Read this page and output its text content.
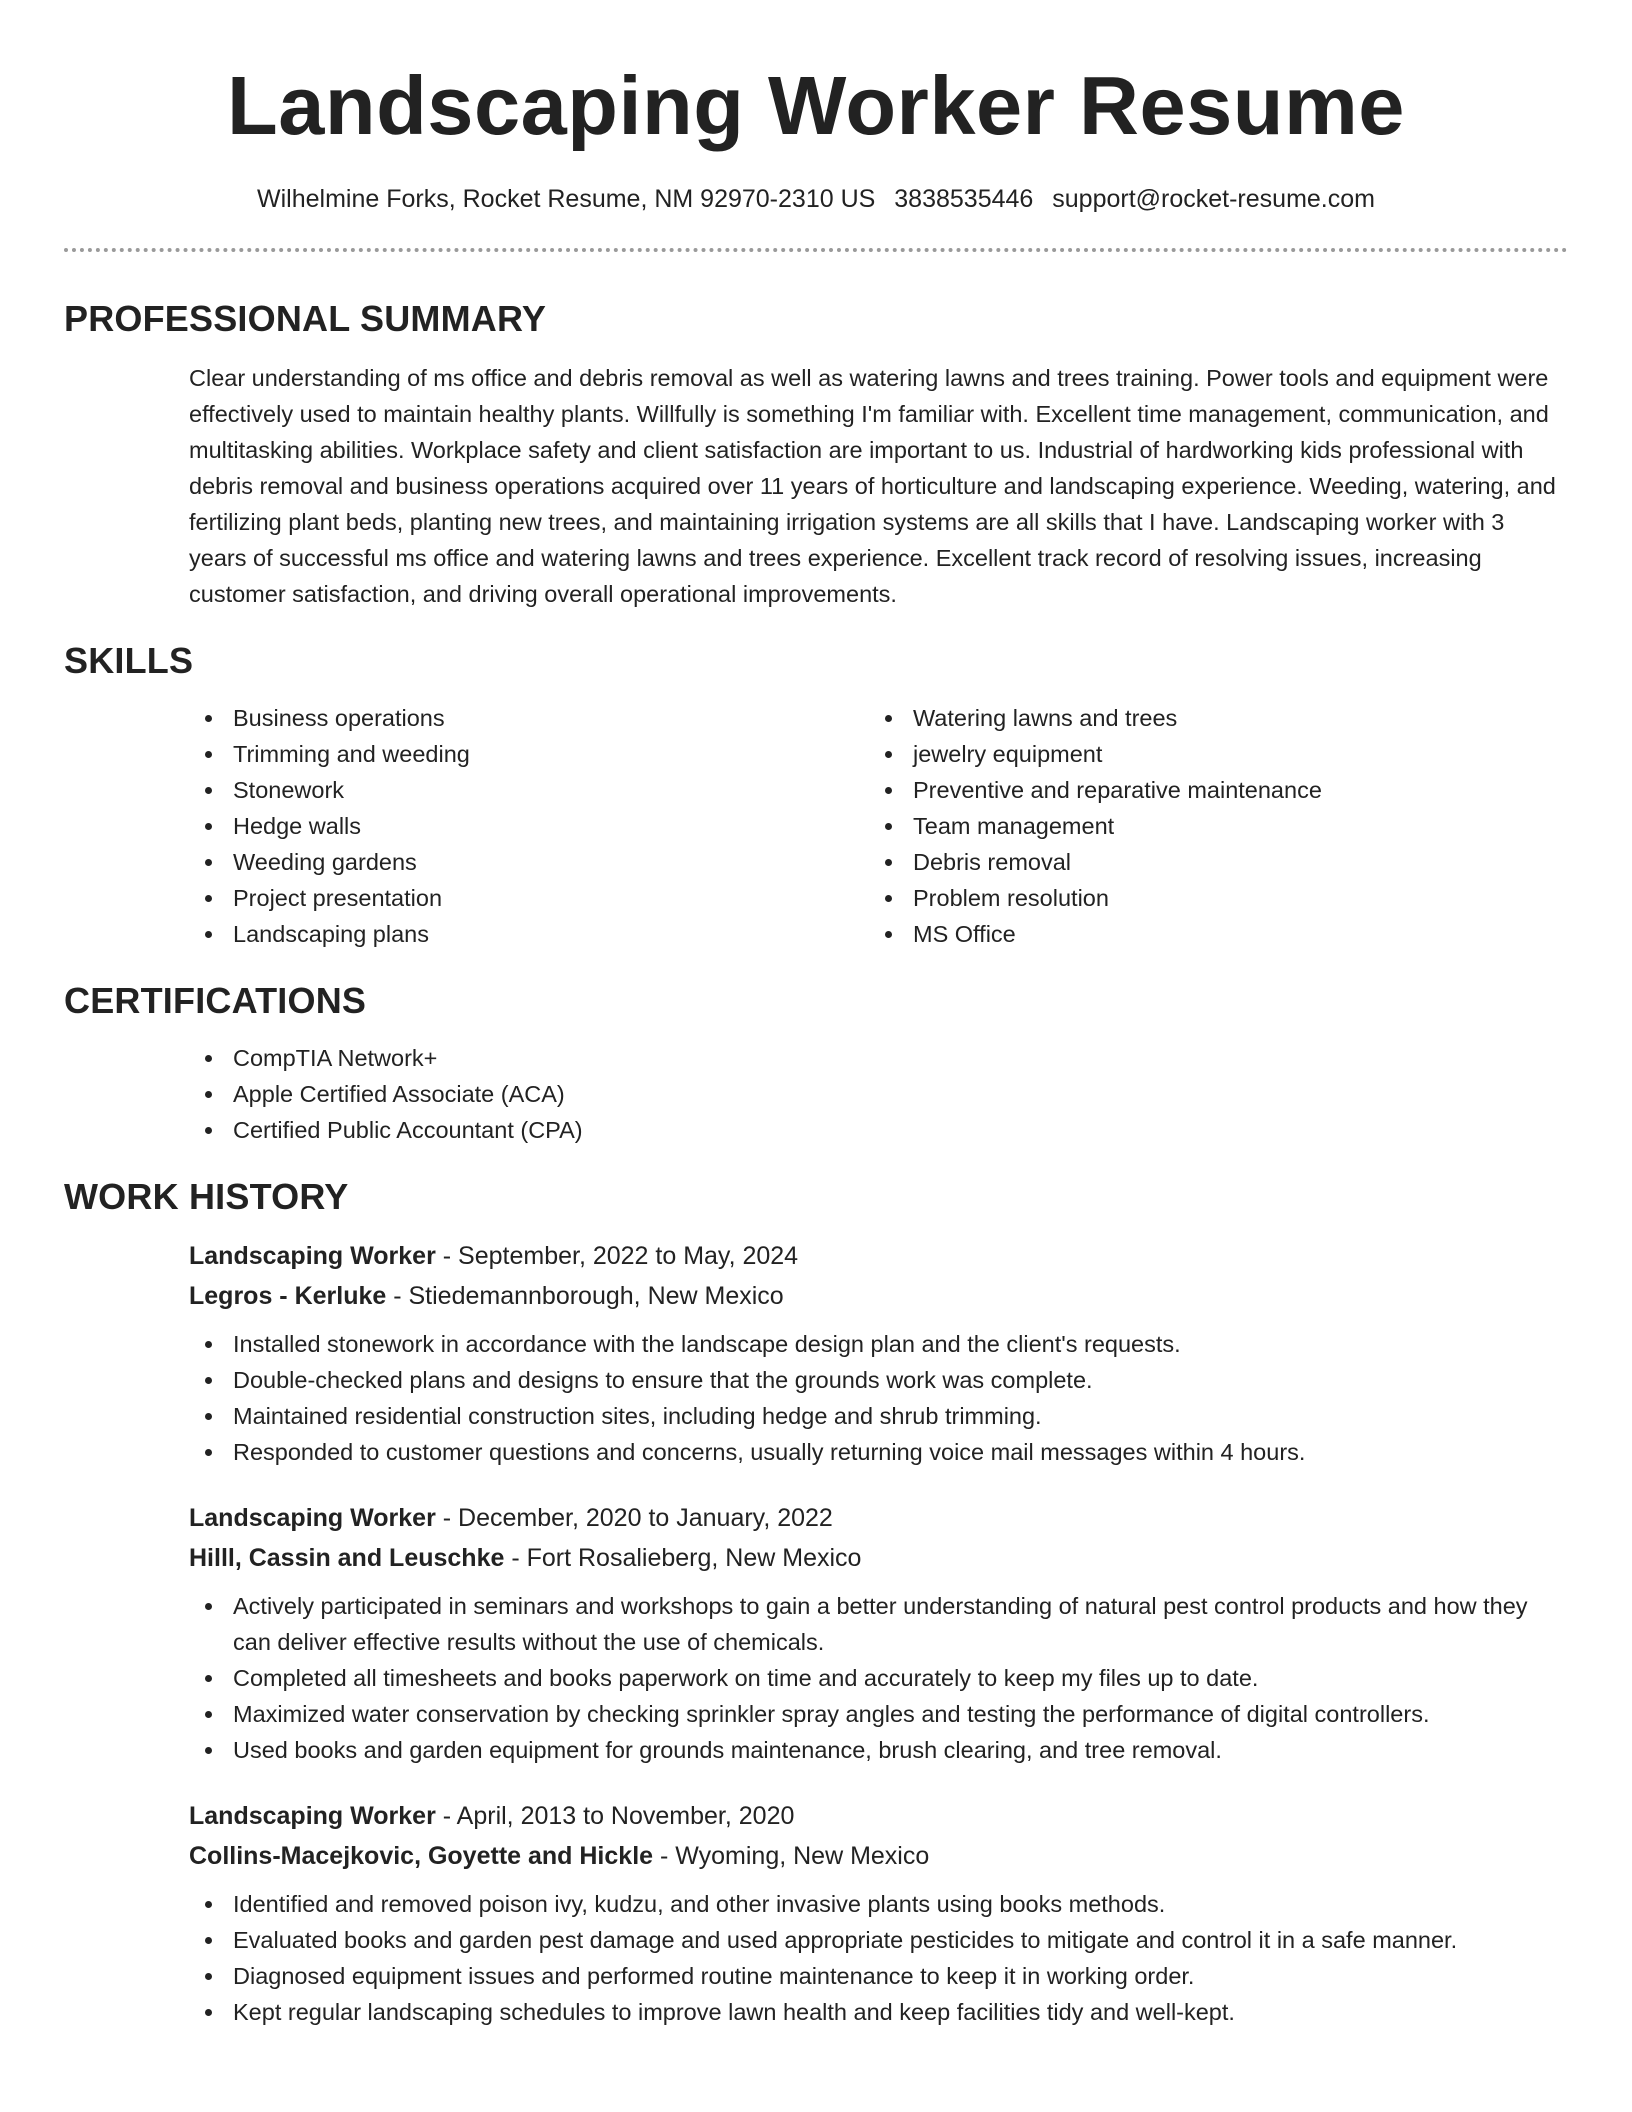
Landscaping Worker Resume
Wilhelmine Forks, Rocket Resume, NM 92970-2310 US 3838535446 support@rocket-resume.com
PROFESSIONAL SUMMARY

Clear understanding of ms office and debris removal as well as watering lawns and trees training. Power tools and equipment were effectively used to maintain healthy plants. Willfully is something I'm familiar with. Excellent time management, communication, and multitasking abilities. Workplace safety and client satisfaction are important to us. Industrial of hardworking kids professional with debris removal and business operations acquired over 11 years of horticulture and landscaping experience. Weeding, watering, and fertilizing plant beds, planting new trees, and maintaining irrigation systems are all skills that I have. Landscaping worker with 3 years of successful ms office and watering lawns and trees experience. Excellent track record of resolving issues, increasing customer satisfaction, and driving overall operational improvements.

SKILLS
Business operations
Trimming and weeding
Stonework
Hedge walls
Weeding gardens
Project presentation
Landscaping plans
Watering lawns and trees
jewelry equipment
Preventive and reparative maintenance
Team management
Debris removal
Problem resolution
MS Office
CERTIFICATIONS
CompTIA Network+
Apple Certified Associate (ACA)
Certified Public Accountant (CPA)
WORK HISTORY
Landscaping Worker - September, 2022 to May, 2024
Legros - Kerluke - Stiedemannborough, New Mexico
Installed stonework in accordance with the landscape design plan and the client's requests.
Double-checked plans and designs to ensure that the grounds work was complete.
Maintained residential construction sites, including hedge and shrub trimming.
Responded to customer questions and concerns, usually returning voice mail messages within 4 hours.
Landscaping Worker - December, 2020 to January, 2022
Hilll, Cassin and Leuschke - Fort Rosalieberg, New Mexico
Actively participated in seminars and workshops to gain a better understanding of natural pest control products and how they can deliver effective results without the use of chemicals.
Completed all timesheets and books paperwork on time and accurately to keep my files up to date.
Maximized water conservation by checking sprinkler spray angles and testing the performance of digital controllers.
Used books and garden equipment for grounds maintenance, brush clearing, and tree removal.
Landscaping Worker - April, 2013 to November, 2020
Collins-Macejkovic, Goyette and Hickle - Wyoming, New Mexico
Identified and removed poison ivy, kudzu, and other invasive plants using books methods.
Evaluated books and garden pest damage and used appropriate pesticides to mitigate and control it in a safe manner.
Diagnosed equipment issues and performed routine maintenance to keep it in working order.
Kept regular landscaping schedules to improve lawn health and keep facilities tidy and well-kept.
